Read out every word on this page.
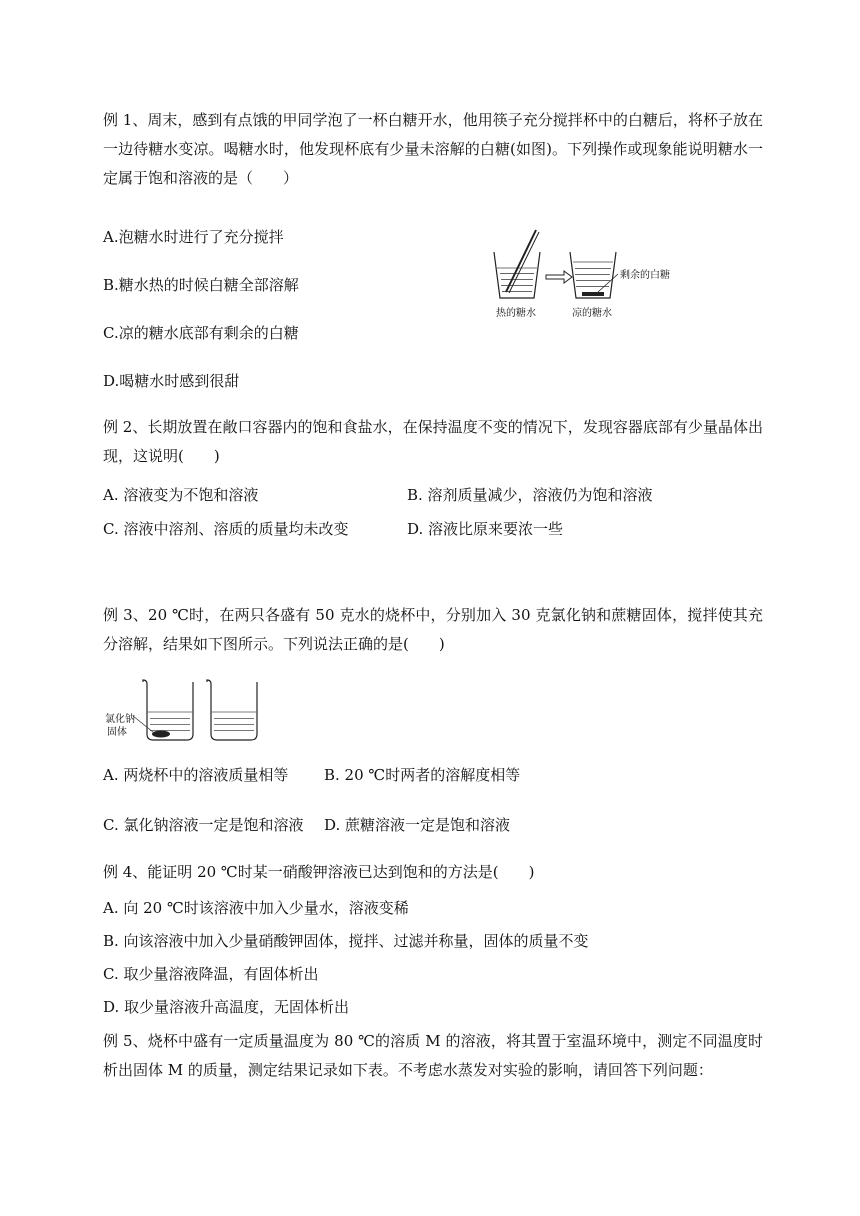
例 1、周末，感到有点饿的甲同学泡了一杯白糖开水，他用筷子充分搅拌杯中的白糖后，将杯子放在一边待糖水变凉。喝糖水时，他发现杯底有少量未溶解的白糖(如图)。下列操作或现象能说明糖水一定属于饱和溶液的是（　　）
A.泡糖水时进行了充分搅拌
B.糖水热的时候白糖全部溶解
C.凉的糖水底部有剩余的白糖
D.喝糖水时感到很甜
热的糖水	凉的糖水
剩余的白糖
例 2、长期放置在敞口容器内的饱和食盐水，在保持温度不变的情况下，发现容器底部有少量晶体出现，这说明(　　)
A. 溶液变为不饱和溶液	B. 溶剂质量减少，溶液仍为饱和溶液
C. 溶液中溶剂、溶质的质量均未改变	D. 溶液比原来要浓一些
例 3、20 ℃时，在两只各盛有 50 克水的烧杯中，分别加入 30 克氯化钠和蔗糖固体，搅拌使其充分溶解，结果如下图所示。下列说法正确的是(　　)
氯化钠
固体
A. 两烧杯中的溶液质量相等 B. 20 ℃时两者的溶解度相等
C. 氯化钠溶液一定是饱和溶液 D. 蔗糖溶液一定是饱和溶液
例 4、能证明 20 ℃时某一硝酸钾溶液已达到饱和的方法是(　　)
A. 向 20 ℃时该溶液中加入少量水，溶液变稀
B. 向该溶液中加入少量硝酸钾固体，搅拌、过滤并称量，固体的质量不变
C. 取少量溶液降温，有固体析出
D. 取少量溶液升高温度，无固体析出
例 5、烧杯中盛有一定质量温度为 80 ℃的溶质 M 的溶液，将其置于室温环境中，测定不同温度时析出固体 M 的质量，测定结果记录如下表。不考虑水蒸发对实验的影响，请回答下列问题：
